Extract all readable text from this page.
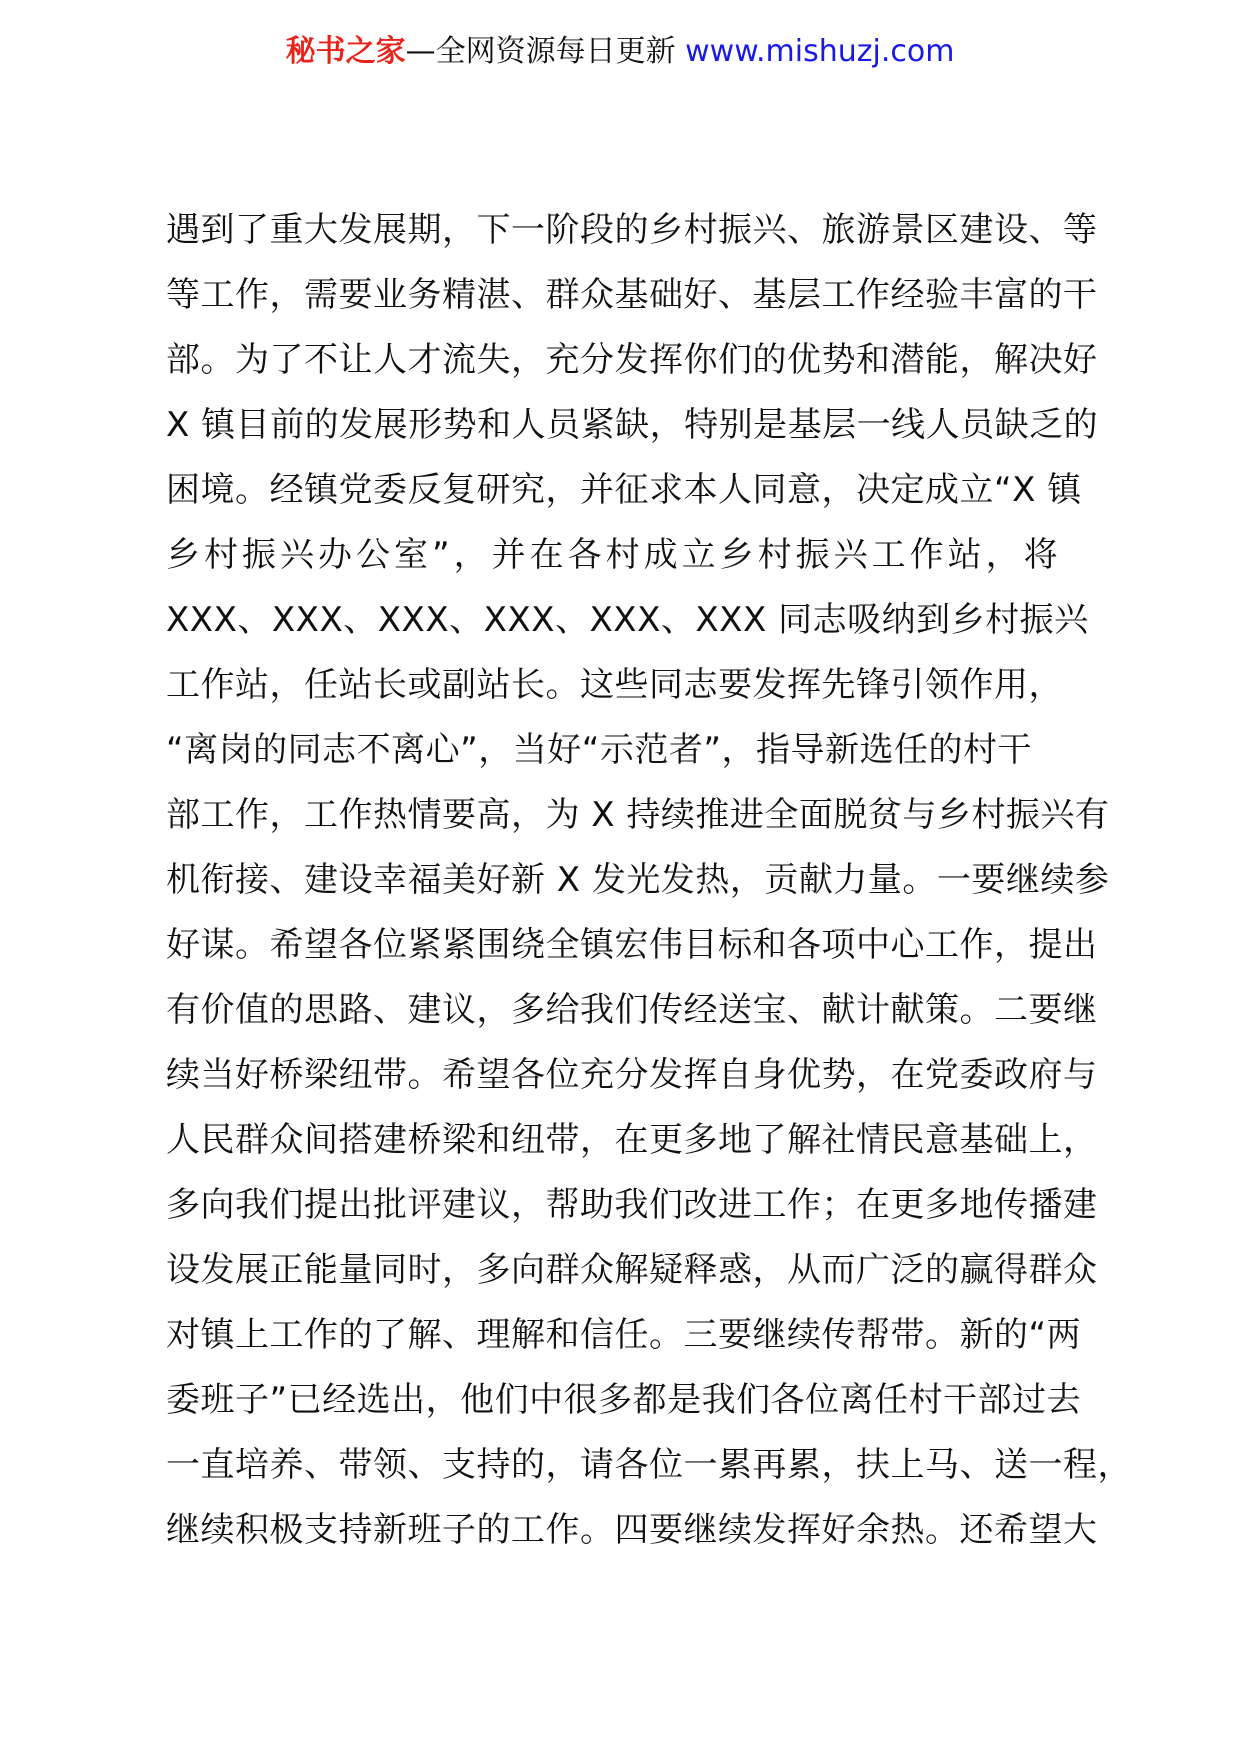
秘书之家—全网资源每日更新 www.mishuzj.com
遇到了重大发展期，下一阶段的乡村振兴、旅游景区建设、等
等工作，需要业务精湛、群众基础好、基层工作经验丰富的干
部。为了不让人才流失，充分发挥你们的优势和潜能，解决好
X 镇目前的发展形势和人员紧缺，特别是基层一线人员缺乏的
困境。经镇党委反复研究，并征求本人同意，决定成立“X 镇
乡村振兴办公室”，并在各村成立乡村振兴工作站，将
XXX、XXX、XXX、XXX、XXX、XXX 同志吸纳到乡村振兴
工作站，任站长或副站长。这些同志要发挥先锋引领作用，
“离岗的同志不离心”，当好“示范者”，指导新选任的村干
部工作，工作热情要高，为 X 持续推进全面脱贫与乡村振兴有
机衔接、建设幸福美好新 X 发光发热，贡献力量。一要继续参
好谋。希望各位紧紧围绕全镇宏伟目标和各项中心工作，提出
有价值的思路、建议，多给我们传经送宝、献计献策。二要继
续当好桥梁纽带。希望各位充分发挥自身优势，在党委政府与
人民群众间搭建桥梁和纽带，在更多地了解社情民意基础上，
多向我们提出批评建议，帮助我们改进工作；在更多地传播建
设发展正能量同时，多向群众解疑释惑，从而广泛的赢得群众
对镇上工作的了解、理解和信任。三要继续传帮带。新的“两
委班子”已经选出，他们中很多都是我们各位离任村干部过去
一直培养、带领、支持的，请各位一累再累，扶上马、送一程，
继续积极支持新班子的工作。四要继续发挥好余热。还希望大
